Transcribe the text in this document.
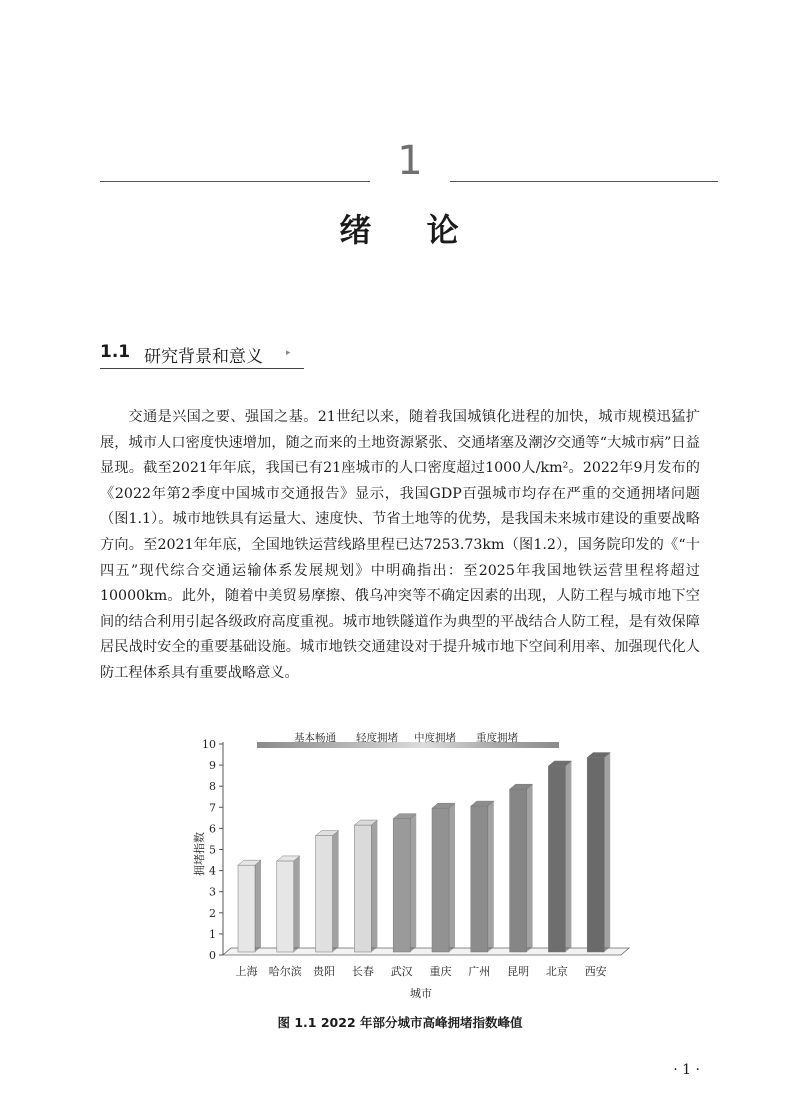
1
绪 论
1.1 研究背景和意义	▸

交通是兴国之要、强国之基。21世纪以来，随着我国城镇化进程的加快，城市规模迅猛扩展，城市人口密度快速增加，随之而来的土地资源紧张、交通堵塞及潮汐交通等“大城市病”日益显现。截至2021年年底，我国已有21座城市的人口密度超过1000人/km²。2022年9月发布的《2022年第2季度中国城市交通报告》显示，我国GDP百强城市均存在严重的交通拥堵问题（图1.1）。城市地铁具有运量大、速度快、节省土地等的优势，是我国未来城市建设的重要战略方向。至2021年年底，全国地铁运营线路里程已达7253.73km（图1.2），国务院印发的《“十四五”现代综合交通运输体系发展规划》中明确指出：至2025年我国地铁运营里程将超过10000km。此外，随着中美贸易摩擦、俄乌冲突等不确定因素的出现，人防工程与城市地下空间的结合利用引起各级政府高度重视。城市地铁隧道作为典型的平战结合人防工程，是有效保障居民战时安全的重要基础设施。城市地铁交通建设对于提升城市地下空间利用率、加强现代化人防工程体系具有重要战略意义。

基本畅通 轻度拥堵 中度拥堵 重度拥堵
0
1
2
3
4
5
6
7
8
9
10
上海 哈尔滨 贵阳 长春 武汉 重庆 广州 昆明 北京 西安
拥堵指数
城市
图 1.1 2022 年部分城市高峰拥堵指数峰值
· 1 ·
